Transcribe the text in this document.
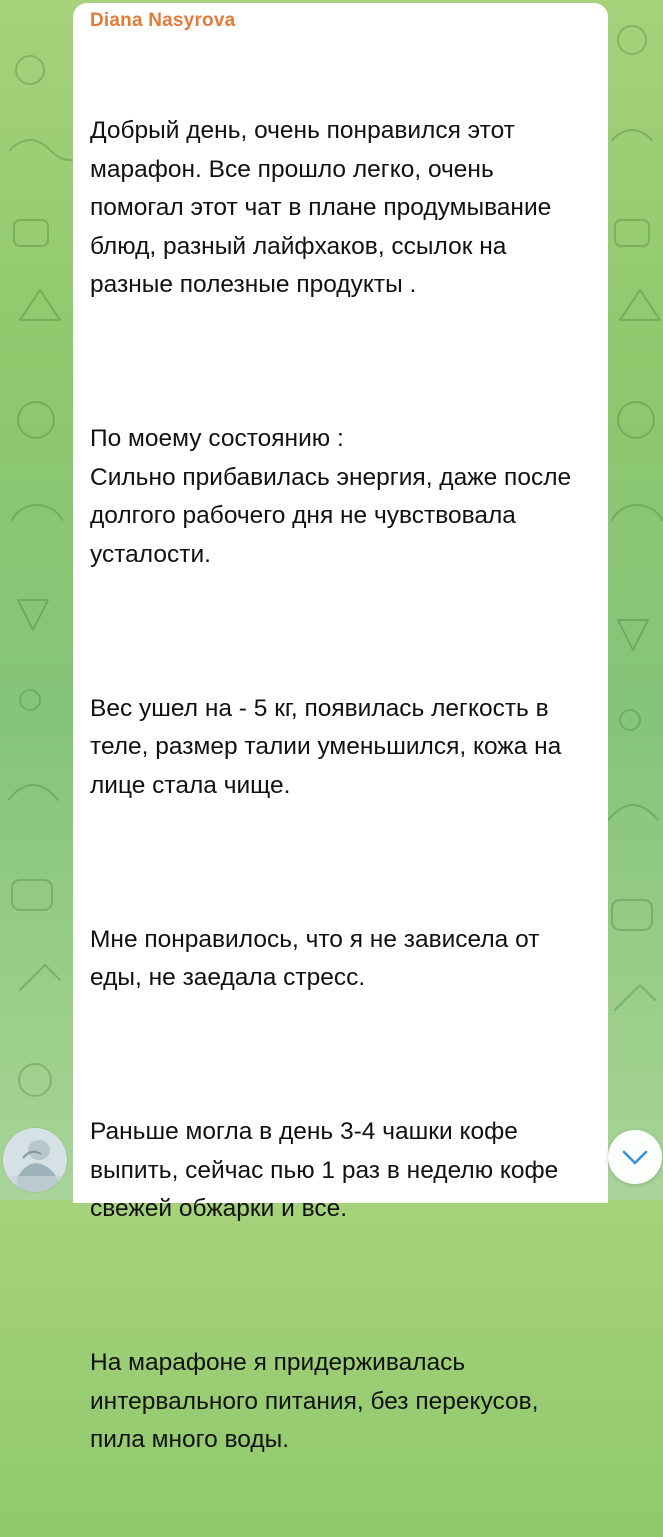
Diana Nasyrova

Добрый день, очень понравился этот марафон. Все прошло легко, очень помогал этот чат в плане продумывание блюд, разный лайфхаков, ссылок на разные полезные продукты .

По моему состоянию :
Сильно прибавилась энергия, даже после долгого рабочего дня не чувствовала усталости.

Вес ушел на - 5 кг, появилась легкость в теле, размер талии уменьшился, кожа на лице стала чище.

Мне понравилось, что я не зависела от еды, не заедала стресс.

Раньше могла в день 3-4 чашки кофе выпить, сейчас пью 1 раз в неделю кофе свежей обжарки и все.

На марафоне я придерживалась интервального питания, без перекусов, пила много воды.
